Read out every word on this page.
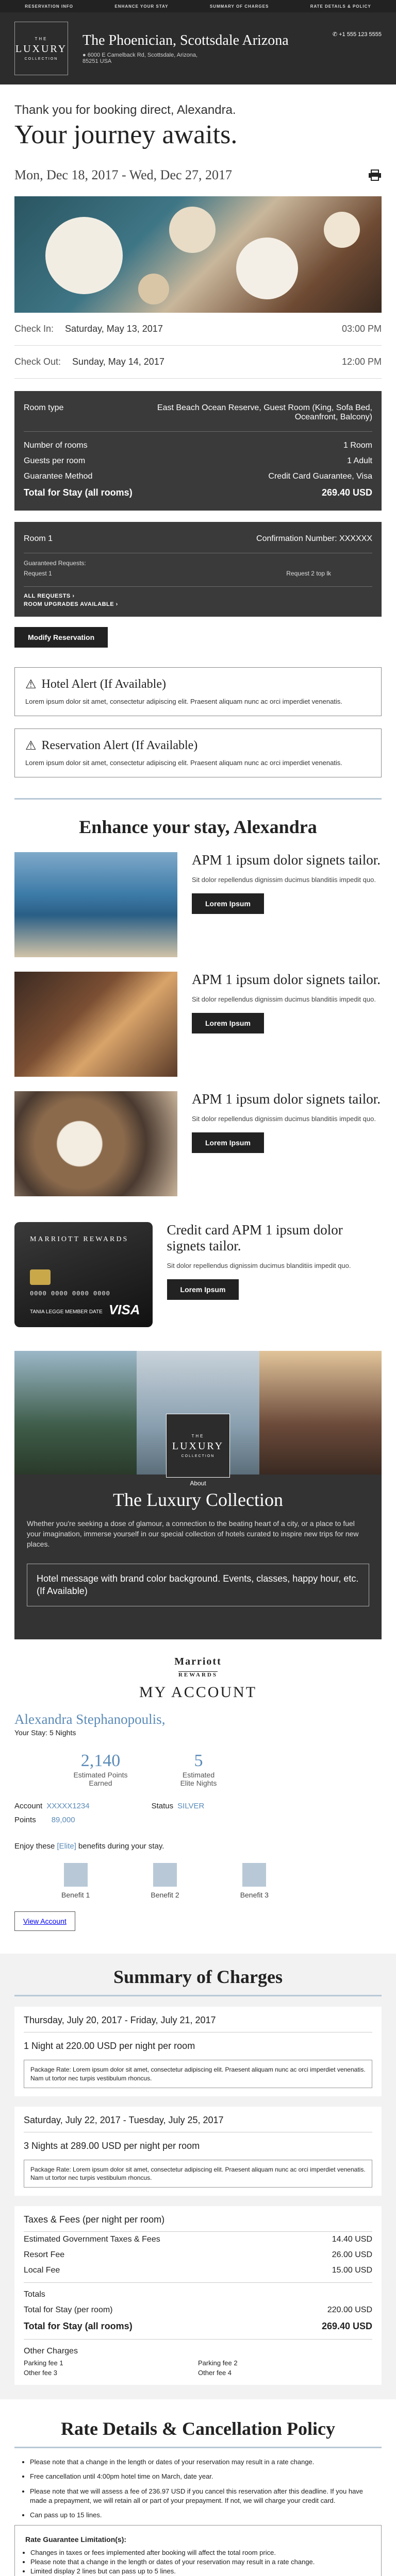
RESERVATION INFO	ENHANCE YOUR STAY	SUMMARY OF CHARGES	RATE DETAILS & POLICY
THE
LUXURY
COLLECTION
The Phoenician, Scottsdale Arizona
● 6000 E Camelback Rd, Scottsdale, Arizona,
85251 USA
✆ +1 555 123 5555

Thank you for booking direct, Alexandra.

Your journey awaits.
Mon, Dec 18, 2017 - Wed, Dec 27, 2017
Check In: Saturday, May 13, 2017	03:00 PM
Check Out: Sunday, May 14, 2017	12:00 PM
Room type	East Beach Ocean Reserve, Guest Room (King, Sofa Bed, Oceanfront, Balcony)
Number of rooms	1 Room
Guests per room	1 Adult
Guarantee Method	Credit Card Guarantee, Visa
Total for Stay (all rooms)	269.40 USD
Room 1	Confirmation Number: XXXXXX
Guaranteed Requests:
Request 1	Request 2 top lk
ALL REQUESTS ›
ROOM UPGRADES AVAILABLE ›
Modify Reservation
⚠ Hotel Alert (If Available)

Lorem ipsum dolor sit amet, consectetur adipiscing elit. Praesent aliquam nunc ac orci imperdiet venenatis.

⚠ Reservation Alert (If Available)

Lorem ipsum dolor sit amet, consectetur adipiscing elit. Praesent aliquam nunc ac orci imperdiet venenatis.

Enhance your stay, Alexandra
APM 1 ipsum dolor signets tailor.

Sit dolor repellendus dignissim ducimus blanditiis impedit quo.

Lorem Ipsum
APM 1 ipsum dolor signets tailor.

Sit dolor repellendus dignissim ducimus blanditiis impedit quo.

Lorem Ipsum
APM 1 ipsum dolor signets tailor.

Sit dolor repellendus dignissim ducimus blanditiis impedit quo.

Lorem Ipsum
MARRIOTT REWARDS
0000 0000 0000 0000
TANIA LEGGE MEMBER DATE VISA
Credit card APM 1 ipsum dolor signets tailor.

Sit dolor repellendus dignissim ducimus blanditiis impedit quo.

Lorem Ipsum
THE
LUXURY
COLLECTION
About
The Luxury Collection

Whether you're seeking a dose of glamour, a connection to the beating heart of a city, or a place to fuel your imagination, immerse yourself in our special collection of hotels curated to inspire new trips for new places.

Hotel message with brand color background. Events, classes, happy hour, etc. (If Available)
Marriott
REWARDS
MY ACCOUNT
Alexandra Stephanopoulis,
Your Stay: 5 Nights
2,140
Estimated Points Earned
5
Estimated Elite Nights
Account XXXXX1234	Status SILVER
Points 89,000
Enjoy these [Elite] benefits during your stay.
Benefit 1	Benefit 2	Benefit 3
View Account
Summary of Charges
Thursday, July 20, 2017 - Friday, July 21, 2017
1 Night at 220.00 USD per night per room
Package Rate: Lorem ipsum dolor sit amet, consectetur adipiscing elit. Praesent aliquam nunc ac orci imperdiet venenatis. Nam ut tortor nec turpis vestibulum rhoncus.
Saturday, July 22, 2017 - Tuesday, July 25, 2017
3 Nights at 289.00 USD per night per room
Package Rate: Lorem ipsum dolor sit amet, consectetur adipiscing elit. Praesent aliquam nunc ac orci imperdiet venenatis. Nam ut tortor nec turpis vestibulum rhoncus.
Taxes & Fees (per night per room)
Estimated Government Taxes & Fees	14.40 USD
Resort Fee	26.00 USD
Local Fee	15.00 USD
Totals
Total for Stay (per room)	220.00 USD
Total for Stay (all rooms)	269.40 USD
Other Charges
Parking fee 1	Parking fee 2
Other fee 3	Other fee 4
Rate Details & Cancellation Policy
• Please note that a change in the length or dates of your reservation may result in a rate change.
• Free cancellation until 4:00pm hotel time on March, date year.
• Please note that we will assess a fee of 236.97 USD if you cancel this reservation after this deadline. If you have made a prepayment, we will retain all or part of your prepayment. If not, we will charge your credit card.
• Can pass up to 15 lines.
Rate Guarantee Limitation(s):
• Changes in taxes or fees implemented after booking will affect the total room price.
• Please note that a change in the length or dates of your reservation may result in a rate change.
• Limited display 2 lines but can pass up to 5 lines.
